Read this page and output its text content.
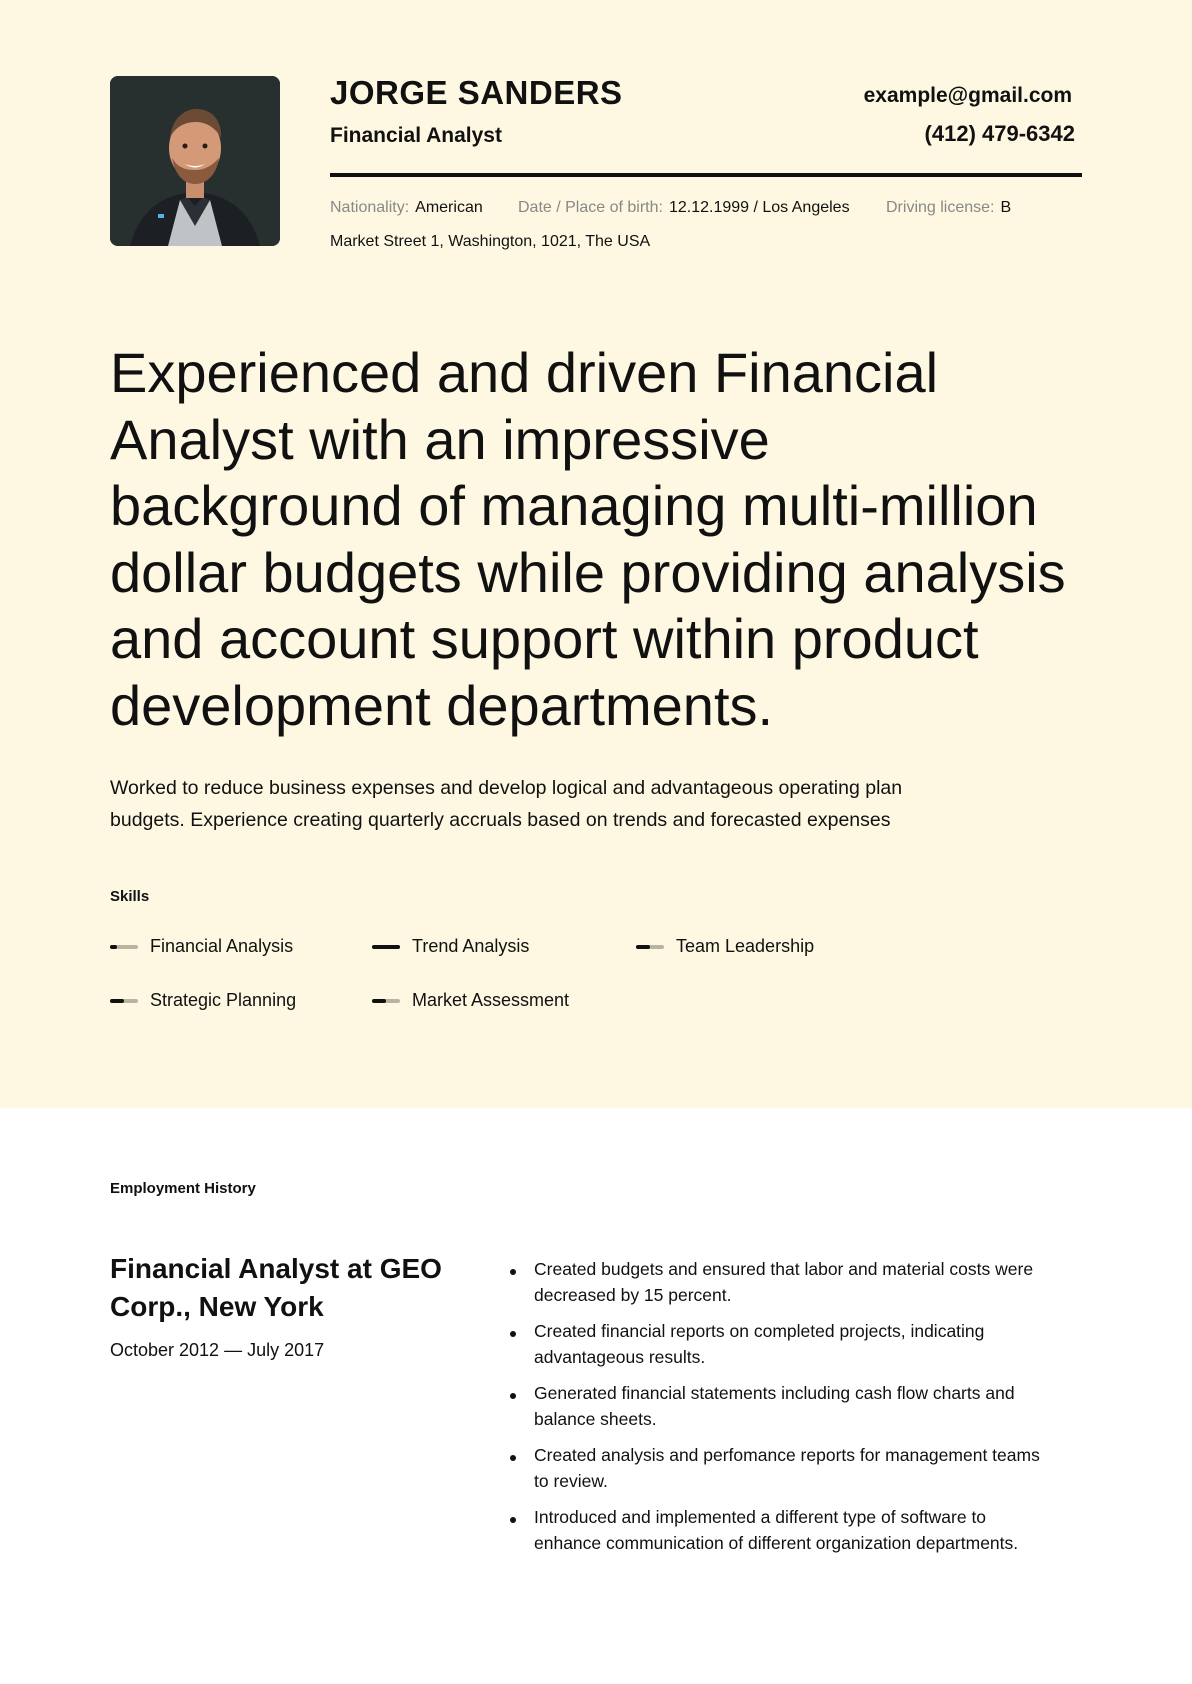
JORGE SANDERS
Financial Analyst
example@gmail.com
(412) 479-6342
Nationality: American Date / Place of birth: 12.12.1999 / Los Angeles Driving license: B
Market Street 1, Washington, 1021, The USA
Experienced and driven Financial Analyst with an impressive background of managing multi-million dollar budgets while providing analysis and account support within product development departments.
Worked to reduce business expenses and develop logical and advantageous operating plan budgets. Experience creating quarterly accruals based on trends and forecasted expenses
Skills
Financial Analysis	Trend Analysis	Team Leadership
Strategic Planning	Market Assessment
Employment History
Financial Analyst at GEO Corp., New York
October 2012 — July 2017
Created budgets and ensured that labor and material costs were decreased by 15 percent.
Created financial reports on completed projects, indicating advantageous results.
Generated financial statements including cash flow charts and balance sheets.
Created analysis and perfomance reports for management teams to review.
Introduced and implemented a different type of software to enhance communication of different organization departments.
